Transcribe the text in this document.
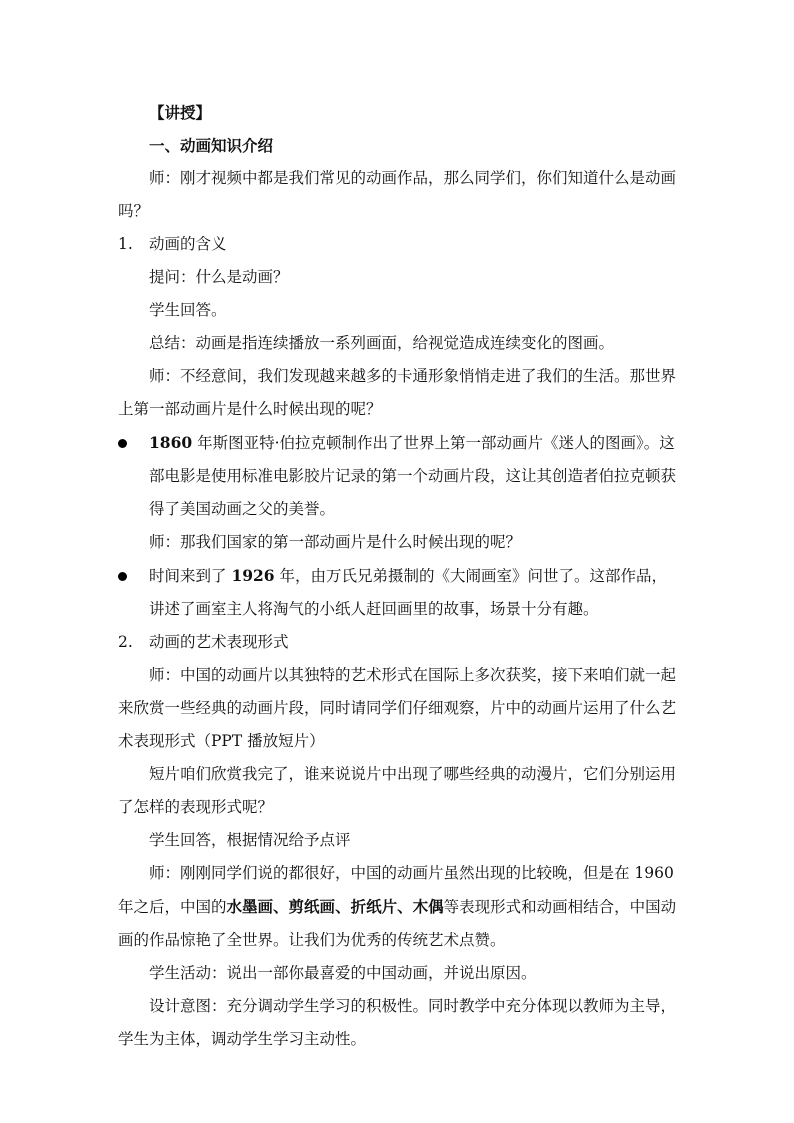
【讲授】

一、动画知识介绍

师：刚才视频中都是我们常见的动画作品，那么同学们，你们知道什么是动画吗？

1.	动画的含义

提问：什么是动画？

学生回答。

总结：动画是指连续播放一系列画面，给视觉造成连续变化的图画。

师：不经意间，我们发现越来越多的卡通形象悄悄走进了我们的生活。那世界上第一部动画片是什么时候出现的呢？

1860 年斯图亚特·伯拉克顿制作出了世界上第一部动画片《迷人的图画》。这部电影是使用标准电影胶片记录的第一个动画片段，这让其创造者伯拉克顿获得了美国动画之父的美誉。

师：那我们国家的第一部动画片是什么时候出现的呢？

时间来到了 1926 年，由万氏兄弟摄制的《大闹画室》问世了。这部作品，讲述了画室主人将淘气的小纸人赶回画里的故事，场景十分有趣。

2.	动画的艺术表现形式

师：中国的动画片以其独特的艺术形式在国际上多次获奖，接下来咱们就一起来欣赏一些经典的动画片段，同时请同学们仔细观察，片中的动画片运用了什么艺术表现形式（PPT 播放短片）

短片咱们欣赏我完了，谁来说说片中出现了哪些经典的动漫片，它们分别运用了怎样的表现形式呢？

学生回答，根据情况给予点评

师：刚刚同学们说的都很好，中国的动画片虽然出现的比较晚，但是在 1960 年之后，中国的水墨画、剪纸画、折纸片、木偶等表现形式和动画相结合，中国动画的作品惊艳了全世界。让我们为优秀的传统艺术点赞。

学生活动：说出一部你最喜爱的中国动画，并说出原因。

设计意图：充分调动学生学习的积极性。同时教学中充分体现以教师为主导，学生为主体，调动学生学习主动性。
